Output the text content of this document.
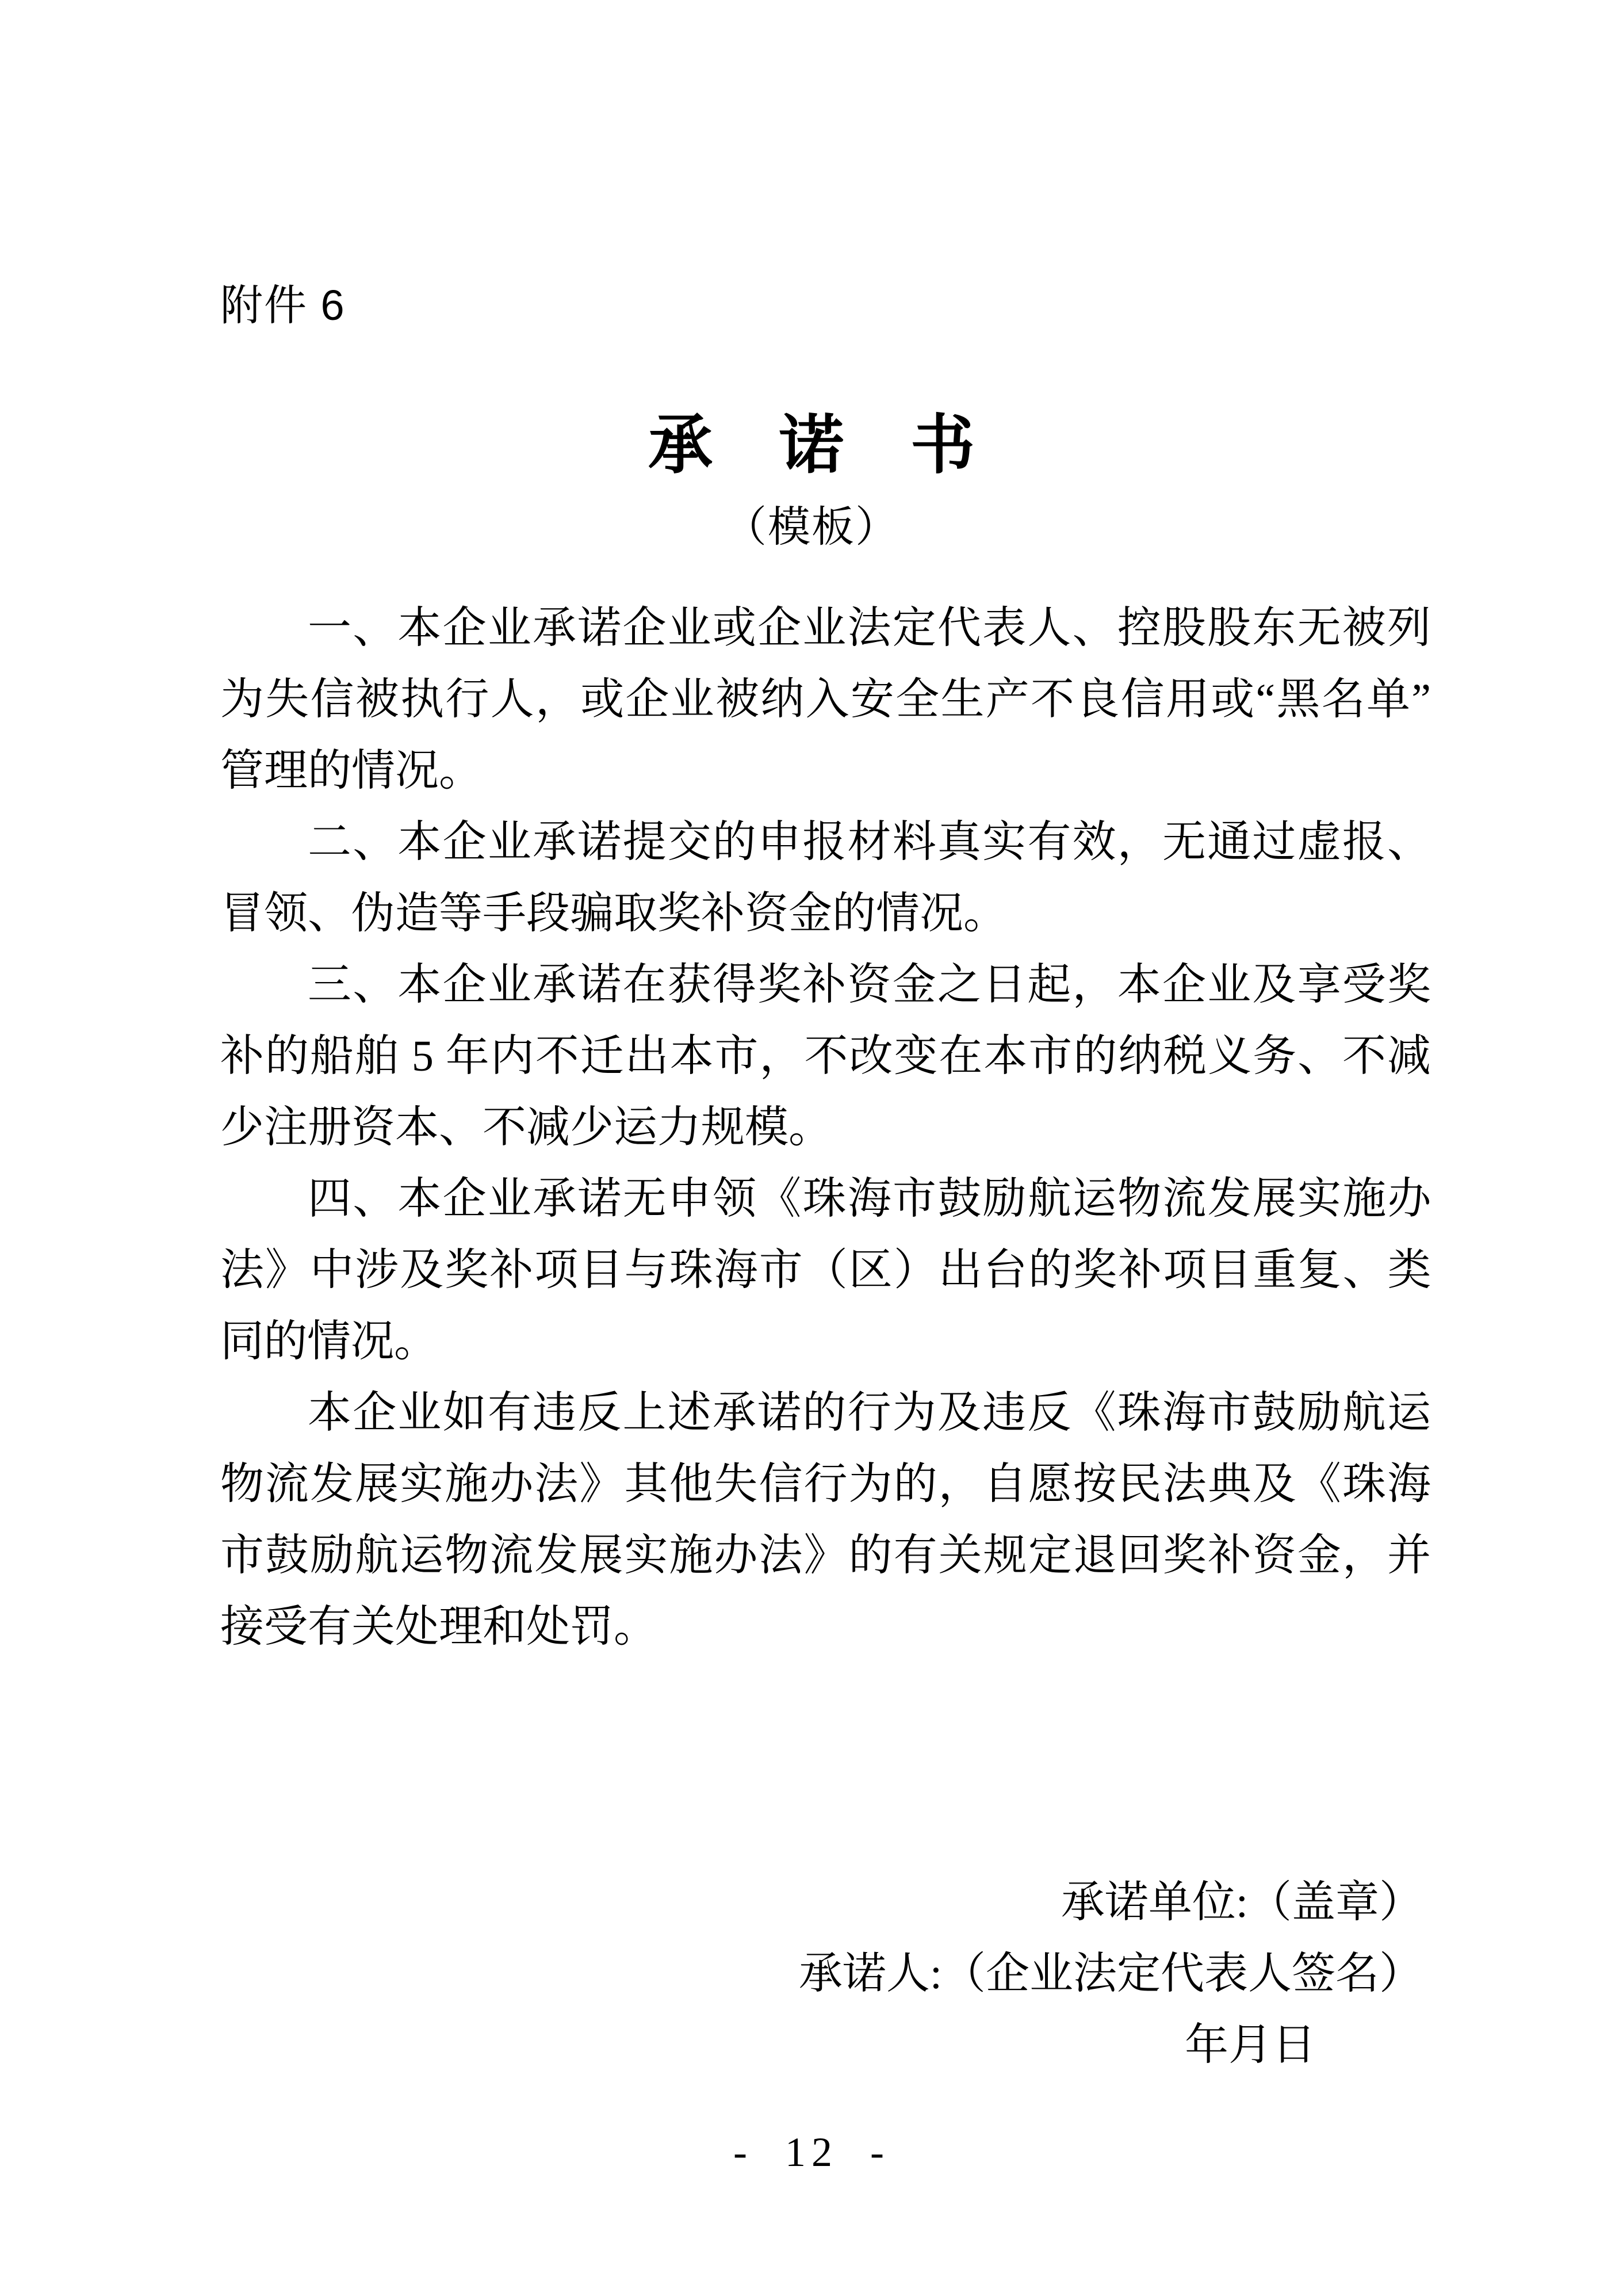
附件 6
承 诺 书
（模板）

一、本企业承诺企业或企业法定代表人、控股股东无被列为失信被执行人，或企业被纳入安全生产不良信用或“黑名单”管理的情况。

二、本企业承诺提交的申报材料真实有效，无通过虚报、冒领、伪造等手段骗取奖补资金的情况。

三、本企业承诺在获得奖补资金之日起，本企业及享受奖补的船舶 5 年内不迁出本市，不改变在本市的纳税义务、不减少注册资本、不减少运力规模。

四、本企业承诺无申领《珠海市鼓励航运物流发展实施办法》中涉及奖补项目与珠海市（区）出台的奖补项目重复、类同的情况。

本企业如有违反上述承诺的行为及违反《珠海市鼓励航运物流发展实施办法》其他失信行为的，自愿按民法典及《珠海市鼓励航运物流发展实施办法》的有关规定退回奖补资金，并接受有关处理和处罚。

承诺单位:（盖章）
承诺人:（企业法定代表人签名）
年月日
-  12  -
